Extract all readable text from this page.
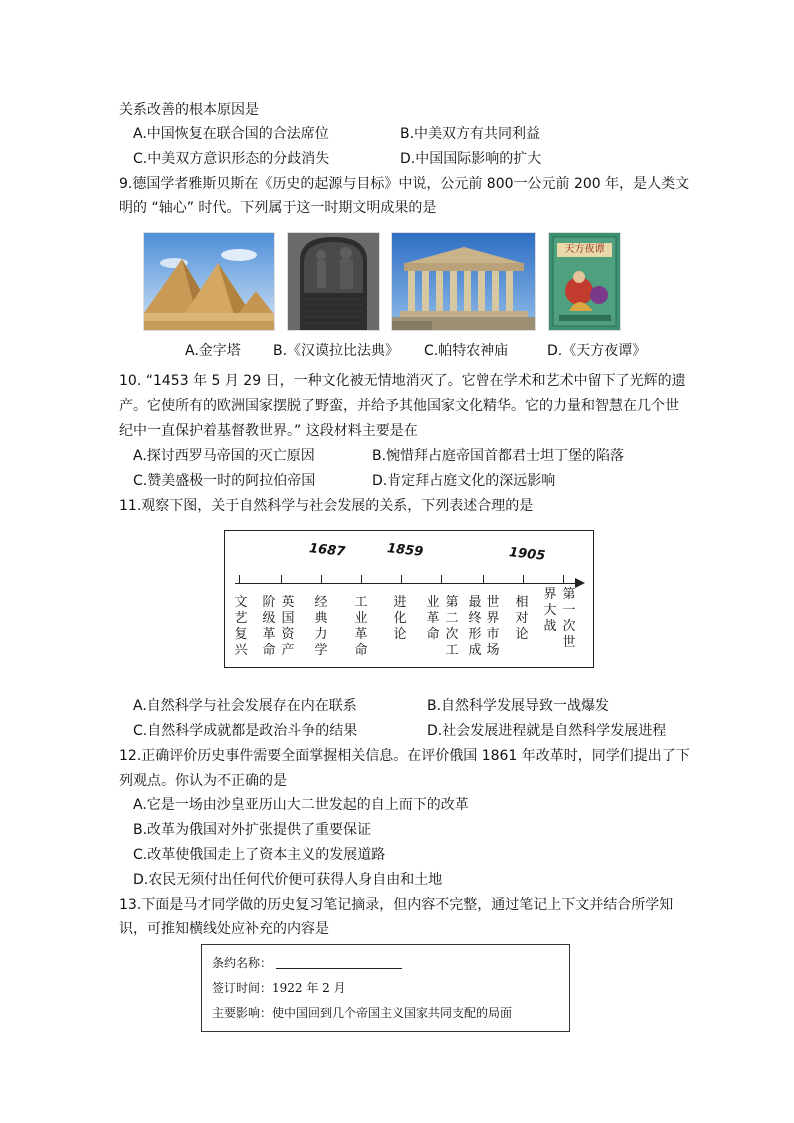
关系改善的根本原因是
A.中国恢复在联合国的合法席位	B.中美双方有共同利益
C.中美双方意识形态的分歧消失	D.中国国际影响的扩大
9.德国学者雅斯贝斯在《历史的起源与目标》中说，公元前 800一公元前 200 年，是人类文
明的 “轴心” 时代。下列属于这一时期文明成果的是
天方夜谭
A.金字塔 B.《汉谟拉比法典》 C.帕特农神庙	D.《天方夜谭》
10. “1453 年 5 月 29 日，一种文化被无情地消灭了。它曾在学术和艺术中留下了光辉的遗
产。它使所有的欧洲国家摆脱了野蛮，并给予其他国家文化精华。它的力量和智慧在几个世
纪中一直保护着基督教世界。” 这段材料主要是在
A.探讨西罗马帝国的灭亡原因	B.惋惜拜占庭帝国首都君士坦丁堡的陷落
C.赞美盛极一时的阿拉伯帝国	D.肯定拜占庭文化的深远影响
11.观察下图，关于自然科学与社会发展的关系，下列表述合理的是
1687	1859	1905
文艺复兴
阶级革命
英国资产
经典力学
工业革命
进化论
业革命
第二次工
最终形成
世界市场
相对论
界大战
第一次世
A.自然科学与社会发展存在内在联系	B.自然科学发展导致一战爆发
C.自然科学成就都是政治斗争的结果	D.社会发展进程就是自然科学发展进程
12.正确评价历史事件需要全面掌握相关信息。在评价俄国 1861 年改革时，同学们提出了下
列观点。你认为不正确的是
A.它是一场由沙皇亚历山大二世发起的自上而下的改革
B.改革为俄国对外扩张提供了重要保证
C.改革使俄国走上了资本主义的发展道路
D.农民无须付出任何代价便可获得人身自由和土地
13.下面是马才同学做的历史复习笔记摘录，但内容不完整，通过笔记上下文并结合所学知
识，可推知横线处应补充的内容是
条约名称：
签订时间：1922 年 2 月
主要影响：使中国回到几个帝国主义国家共同支配的局面
